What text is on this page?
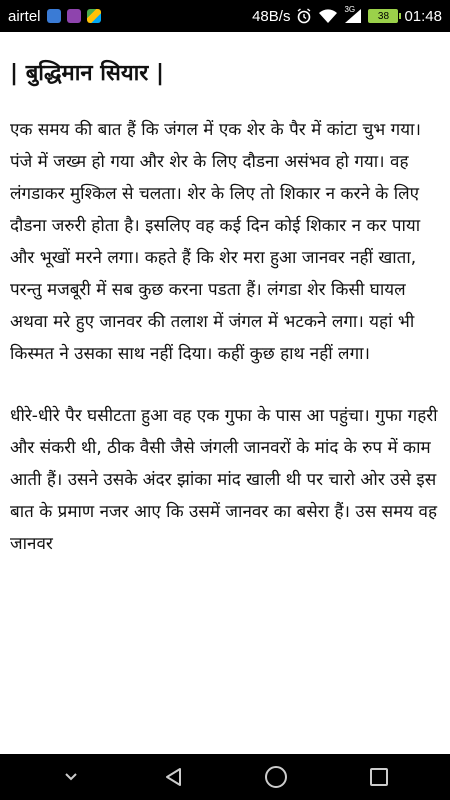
airtel	48B/s	3G
38 01:48
| बुद्धिमान सियार |

एक समय की बात हैं कि जंगल में एक शेर के पैर में कांटा चुभ गया। पंजे में जख्म हो गया और शेर के लिए दौडना असंभव हो गया। वह लंगडाकर मुश्किल से चलता। शेर के लिए तो शिकार न करने के लिए दौडना जरुरी होता है। इसलिए वह कई दिन कोई शिकार न कर पाया और भूखों मरने लगा। कहते हैं कि शेर मरा हुआ जानवर नहीं खाता, परन्तु मजबूरी में सब कुछ करना पडता हैं। लंगडा शेर किसी घायल अथवा मरे हुए जानवर की तलाश में जंगल में भटकने लगा। यहां भी किस्मत ने उसका साथ नहीं दिया। कहीं कुछ हाथ नहीं लगा।

धीरे-धीरे पैर घसीटता हुआ वह एक गुफा के पास आ पहुंचा। गुफा गहरी और संकरी थी, ठीक वैसी जैसे जंगली जानवरों के मांद के रुप में काम आती हैं। उसने उसके अंदर झांका मांद खाली थी पर चारो ओर उसे इस बात के प्रमाण नजर आए कि उसमें जानवर का बसेरा हैं। उस समय वह जानवर
